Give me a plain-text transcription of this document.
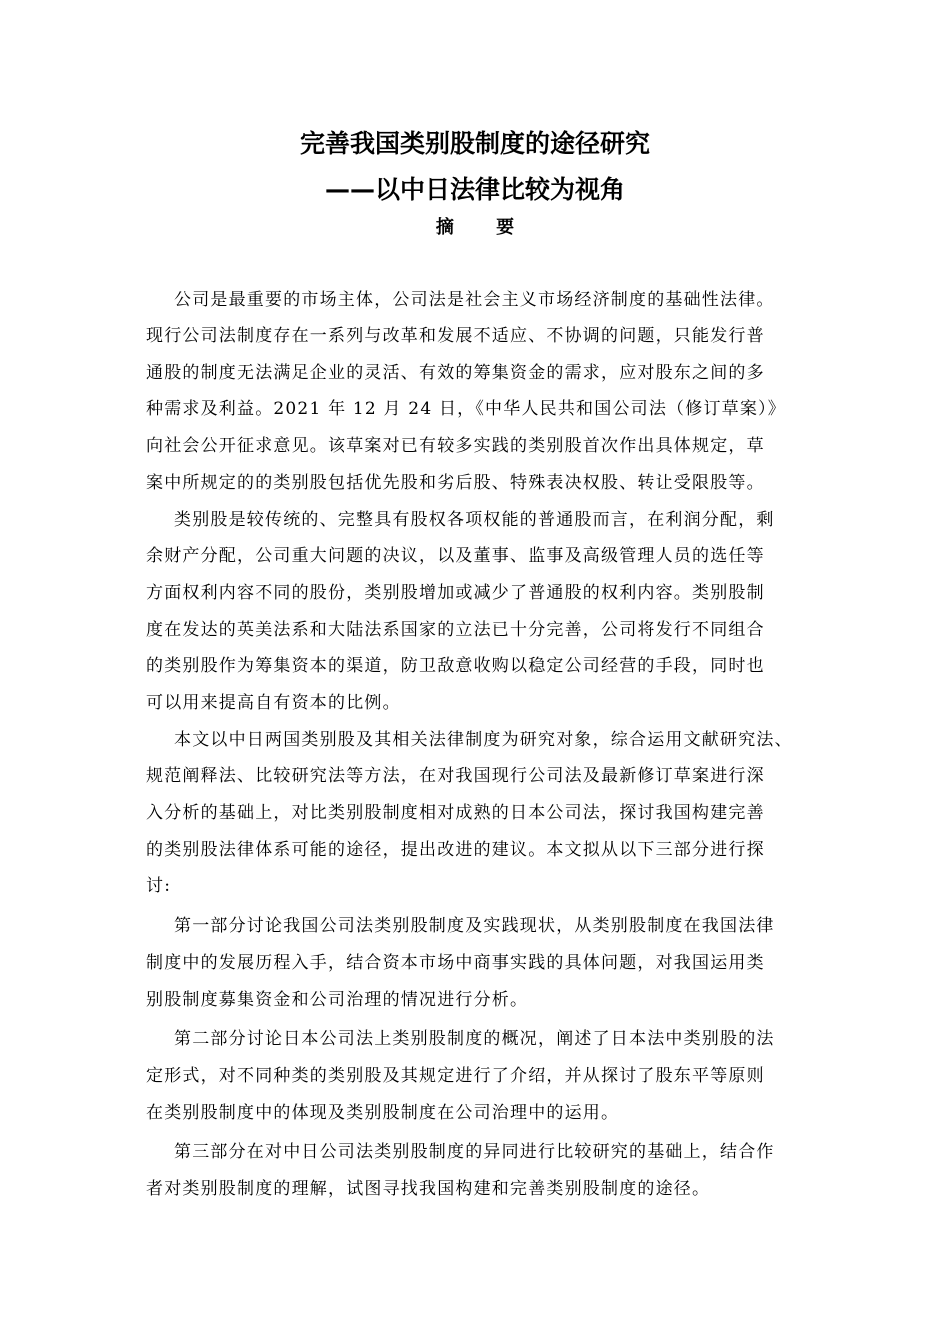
完善我国类别股制度的途径研究
——以中日法律比较为视角
摘 要

公司是最重要的市场主体，公司法是社会主义市场经济制度的基础性法律。

现行公司法制度存在一系列与改革和发展不适应、不协调的问题，只能发行普

通股的制度无法满足企业的灵活、有效的筹集资金的需求，应对股东之间的多

种需求及利益。2021 年 12 月 24 日，《中华人民共和国公司法（修订草案）》

向社会公开征求意见。该草案对已有较多实践的类别股首次作出具体规定，草

案中所规定的的类别股包括优先股和劣后股、特殊表决权股、转让受限股等。

类别股是较传统的、完整具有股权各项权能的普通股而言，在利润分配，剩

余财产分配，公司重大问题的决议，以及董事、监事及高级管理人员的选任等

方面权利内容不同的股份，类别股增加或减少了普通股的权利内容。类别股制

度在发达的英美法系和大陆法系国家的立法已十分完善，公司将发行不同组合

的类别股作为筹集资本的渠道，防卫敌意收购以稳定公司经营的手段，同时也

可以用来提高自有资本的比例。

本文以中日两国类别股及其相关法律制度为研究对象，综合运用文献研究法、

规范阐释法、比较研究法等方法，在对我国现行公司法及最新修订草案进行深

入分析的基础上，对比类别股制度相对成熟的日本公司法，探讨我国构建完善

的类别股法律体系可能的途径，提出改进的建议。本文拟从以下三部分进行探

讨:

第一部分讨论我国公司法类别股制度及实践现状，从类别股制度在我国法律

制度中的发展历程入手，结合资本市场中商事实践的具体问题，对我国运用类

别股制度募集资金和公司治理的情况进行分析。

第二部分讨论日本公司法上类别股制度的概况，阐述了日本法中类别股的法

定形式，对不同种类的类别股及其规定进行了介绍，并从探讨了股东平等原则

在类别股制度中的体现及类别股制度在公司治理中的运用。

第三部分在对中日公司法类别股制度的异同进行比较研究的基础上，结合作

者对类别股制度的理解，试图寻找我国构建和完善类别股制度的途径。
